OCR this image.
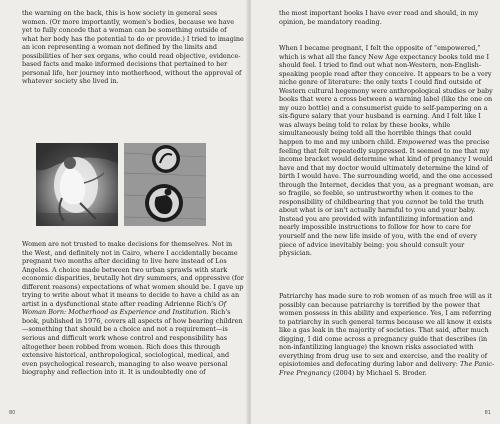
the warning on the back, this is how society in general sees women. (Or more importantly, women's bodies, because we have yet to fully concede that a woman can be something outside of what her body has the potential to do or provide.) I tried to imagine an icon representing a woman not defined by the limits and possibilities of her sex organs, who could read objective, evidence-based facts and make informed decisions that pertained to her personal life, her journey into motherhood, without the approval of whatever society she lived in.

Women are not trusted to make decisions for themselves. Not in the West, and definitely not in Cairo, where I accidentally became pregnant two months after deciding to live here instead of Los Angeles. A choice made between two urban sprawls with stark economic disparities, brutally hot dry summers, and oppressive (for different reasons) expectations of what women should be. I gave up trying to write about what it means to decide to have a child as an artist in a dysfunctional state after reading Adrienne Rich's Of Woman Born: Motherhood as Experience and Institution. Rich's book, published in 1976, covers all aspects of how bearing children—something that should be a choice and not a requirement—is serious and difficult work whose control and responsibility has altogether been robbed from women. Rich does this through extensive historical, anthropological, sociological, medical, and even psychological research, managing to also weave personal biography and reflection into it. It is undoubtedly one of

80

the most important books I have ever read and should, in my opinion, be mandatory reading.

When I became pregnant, I felt the opposite of “empowered,” which is what all the fancy New Age expectancy books told me I should feel. I tried to find out what non-Western, non-English-speaking people read after they conceive. It appears to be a very niche genre of literature: the only texts I could find outside of Western cultural hegemony were anthropological studies or baby books that were a cross between a warning label (like the one on my ouzo bottle) and a consumerist guide to self-pampering on a six-figure salary that your husband is earning. And I felt like I was always being told to relax by these books, while simultaneously being told all the horrible things that could happen to me and my unborn child. Empowered was the precise feeling that felt repeatedly suppressed. It seemed to me that my income bracket would determine what kind of pregnancy I would have and that my doctor would ultimately determine the kind of birth I would have. The surrounding world, and the one accessed through the Internet, decides that you, as a pregnant woman, are so fragile, so feeble, so untrustworthy when it comes to the responsibility of childbearing that you cannot be told the truth about what is or isn't actually harmful to you and your baby. Instead you are provided with infantilizing information and nearly impossible instructions to follow for how to care for yourself and the new life inside of you, with the end of every piece of advice inevitably being: you should consult your physician.

Patriarchy has made sure to rob women of as much free will as it possibly can because patriarchy is terrified by the power that women possess in this ability and experience. Yes, I am referring to patriarchy in such general terms because we all know it exists like a gas leak in the majority of societies. That said, after much digging, I did come across a pregnancy guide that describes (in non-infantilizing language) the known risks associated with everything from drug use to sex and exercise, and the reality of episiotomies and defecating during labor and delivery: The Panic-Free Pregnancy (2004) by Michael S. Broder.

81
